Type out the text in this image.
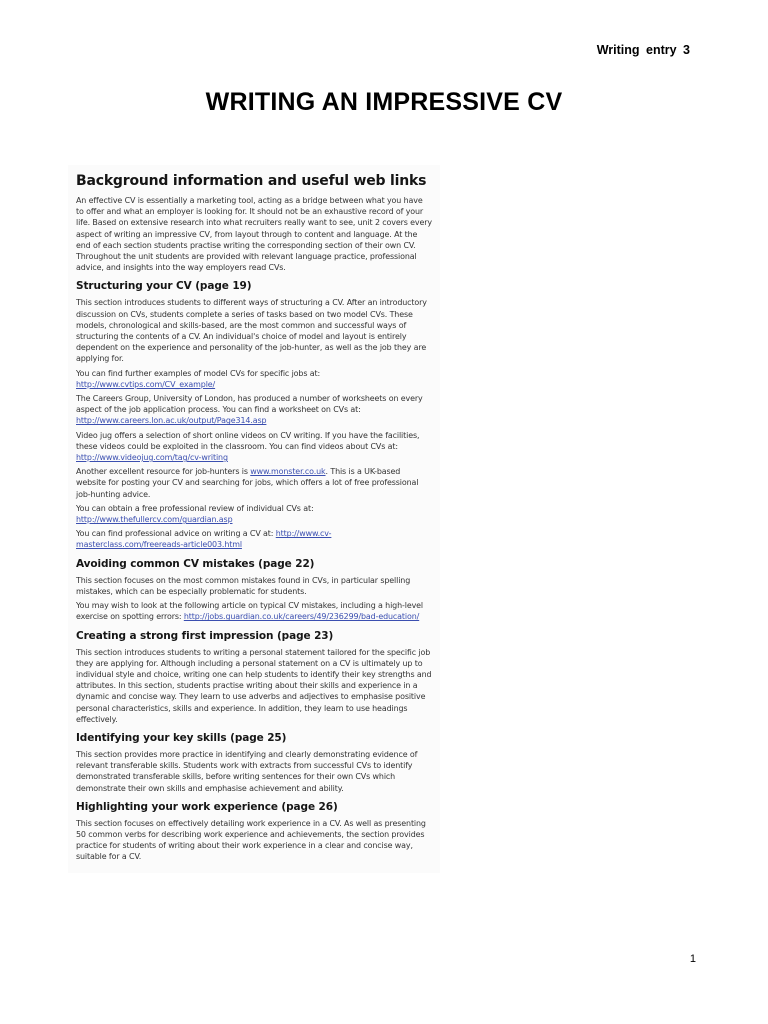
Writing entry 3
WRITING AN IMPRESSIVE CV
Background information and useful web links

An effective CV is essentially a marketing tool, acting as a bridge between what you have to offer and what an employer is looking for. It should not be an exhaustive record of your life. Based on extensive research into what recruiters really want to see, unit 2 covers every aspect of writing an impressive CV, from layout through to content and language. At the end of each section students practise writing the corresponding section of their own CV. Throughout the unit students are provided with relevant language practice, professional advice, and insights into the way employers read CVs.

Structuring your CV (page 19)

This section introduces students to different ways of structuring a CV. After an introductory discussion on CVs, students complete a series of tasks based on two model CVs. These models, chronological and skills-based, are the most common and successful ways of structuring the contents of a CV. An individual's choice of model and layout is entirely dependent on the experience and personality of the job-hunter, as well as the job they are applying for.

You can find further examples of model CVs for specific jobs at: http://www.cvtips.com/CV_example/

The Careers Group, University of London, has produced a number of worksheets on every aspect of the job application process. You can find a worksheet on CVs at: http://www.careers.lon.ac.uk/output/Page314.asp

Video jug offers a selection of short online videos on CV writing. If you have the facilities, these videos could be exploited in the classroom. You can find videos about CVs at: http://www.videojug.com/tag/cv-writing

Another excellent resource for job-hunters is www.monster.co.uk. This is a UK-based website for posting your CV and searching for jobs, which offers a lot of free professional job-hunting advice.

You can obtain a free professional review of individual CVs at: http://www.thefullercv.com/guardian.asp

You can find professional advice on writing a CV at: http://www.cv-masterclass.com/freereads-article003.html

Avoiding common CV mistakes (page 22)

This section focuses on the most common mistakes found in CVs, in particular spelling mistakes, which can be especially problematic for students.

You may wish to look at the following article on typical CV mistakes, including a high-level exercise on spotting errors: http://jobs.guardian.co.uk/careers/49/236299/bad-education/

Creating a strong first impression (page 23)

This section introduces students to writing a personal statement tailored for the specific job they are applying for. Although including a personal statement on a CV is ultimately up to individual style and choice, writing one can help students to identify their key strengths and attributes. In this section, students practise writing about their skills and experience in a dynamic and concise way. They learn to use adverbs and adjectives to emphasise positive personal characteristics, skills and experience. In addition, they learn to use headings effectively.

Identifying your key skills (page 25)

This section provides more practice in identifying and clearly demonstrating evidence of relevant transferable skills. Students work with extracts from successful CVs to identify demonstrated transferable skills, before writing sentences for their own CVs which demonstrate their own skills and emphasise achievement and ability.

Highlighting your work experience (page 26)

This section focuses on effectively detailing work experience in a CV. As well as presenting 50 common verbs for describing work experience and achievements, the section provides practice for students of writing about their work experience in a clear and concise way, suitable for a CV.

1
